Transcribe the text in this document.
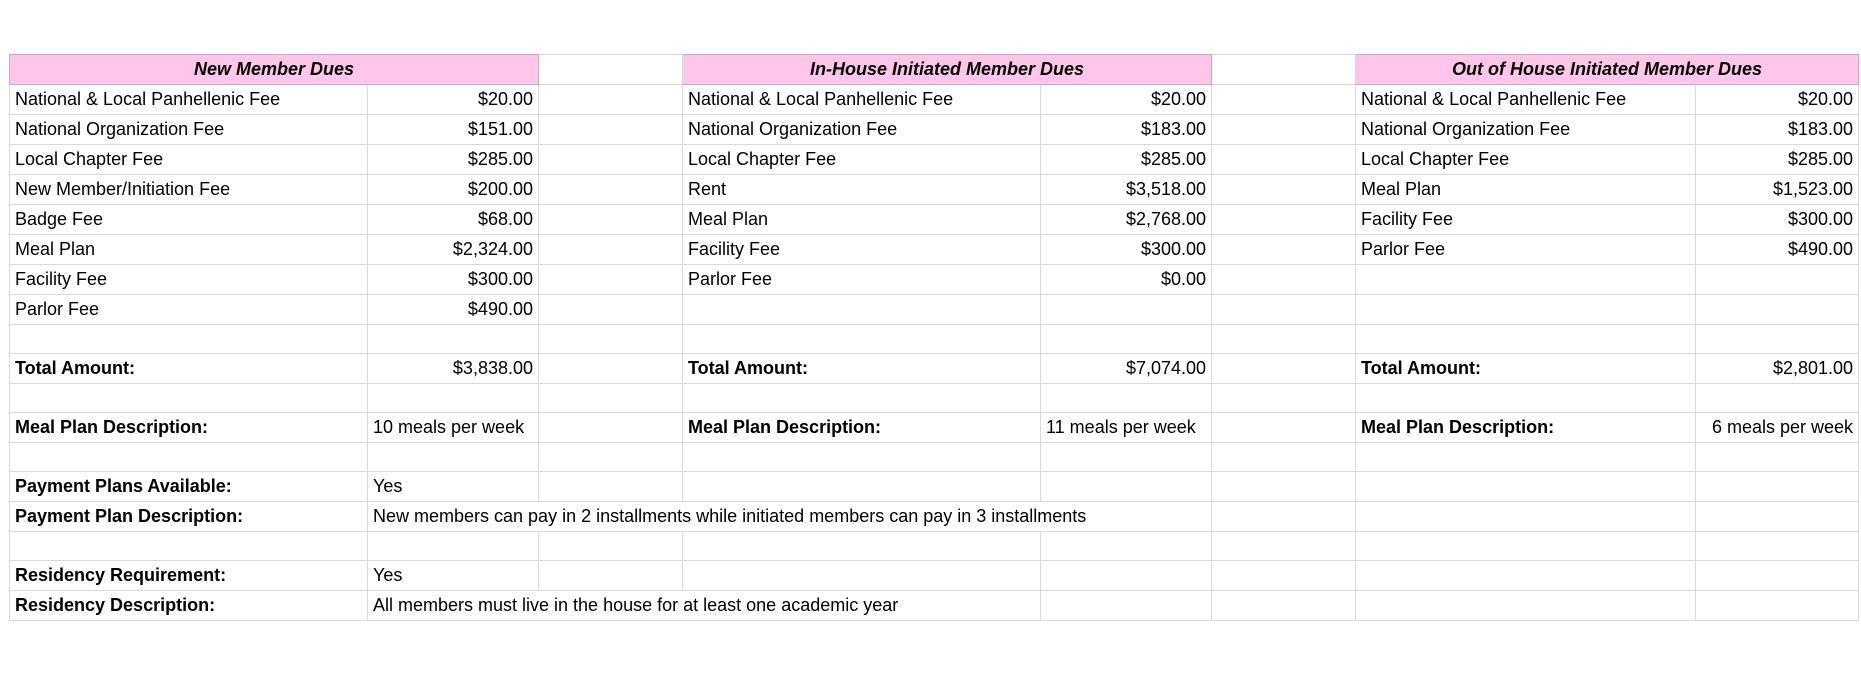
New Member Dues			In-House Initiated Member Dues			Out of House Initiated Member Dues	
National & Local Panhellenic Fee	$20.00		National & Local Panhellenic Fee	$20.00		National & Local Panhellenic Fee	$20.00
National Organization Fee	$151.00		National Organization Fee	$183.00		National Organization Fee	$183.00
Local Chapter Fee	$285.00		Local Chapter Fee	$285.00		Local Chapter Fee	$285.00
New Member/Initiation Fee	$200.00		Rent	$3,518.00		Meal Plan	$1,523.00
Badge Fee	$68.00		Meal Plan	$2,768.00		Facility Fee	$300.00
Meal Plan	$2,324.00		Facility Fee	$300.00		Parlor Fee	$490.00
Facility Fee	$300.00		Parlor Fee	$0.00			
Parlor Fee	$490.00						

Total Amount:	$3,838.00		Total Amount:	$7,074.00		Total Amount:	$2,801.00

Meal Plan Description:	10 meals per week		Meal Plan Description:	11 meals per week		Meal Plan Description:	6 meals per week

Payment Plans Available:	Yes						
Payment Plan Description:	New members can pay in 2 installments while initiated members can pay in 3 installments						

Residency Requirement:	Yes						
Residency Description:	All members must live in the house for at least one academic year						
